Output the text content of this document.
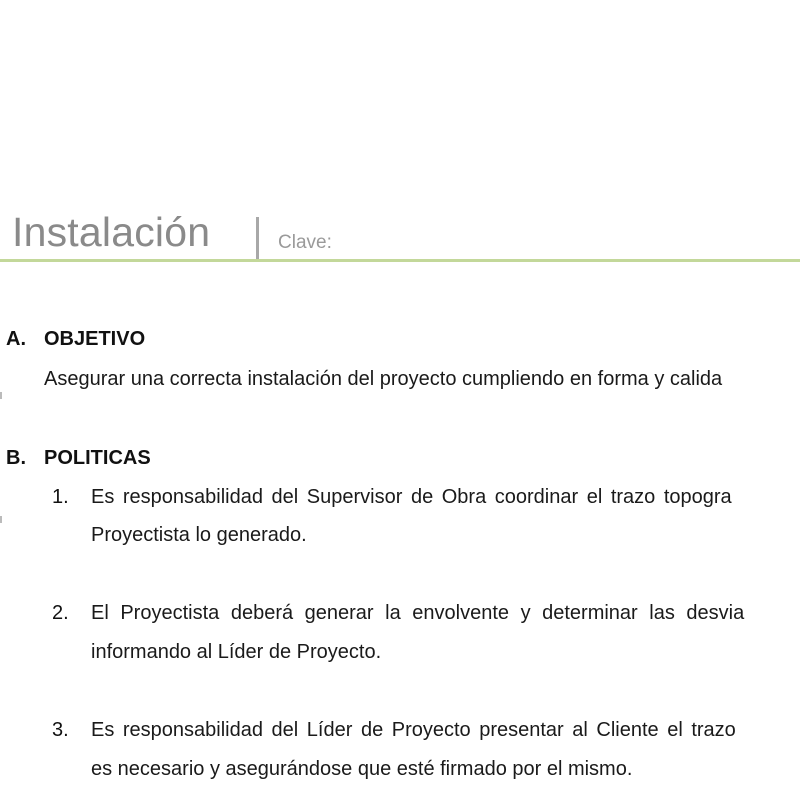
Instalación	Clave:
A. OBJETIVO
Asegurar una correcta instalación del proyecto cumpliendo en forma y calida
B. POLITICAS
1. Es responsabilidad del Supervisor de Obra coordinar el trazo topogra
Proyectista lo generado.
2. El Proyectista deberá generar la envolvente y determinar las desvia
informando al Líder de Proyecto.
3. Es responsabilidad del Líder de Proyecto presentar al Cliente el trazo
es necesario y asegurándose que esté firmado por el mismo.
